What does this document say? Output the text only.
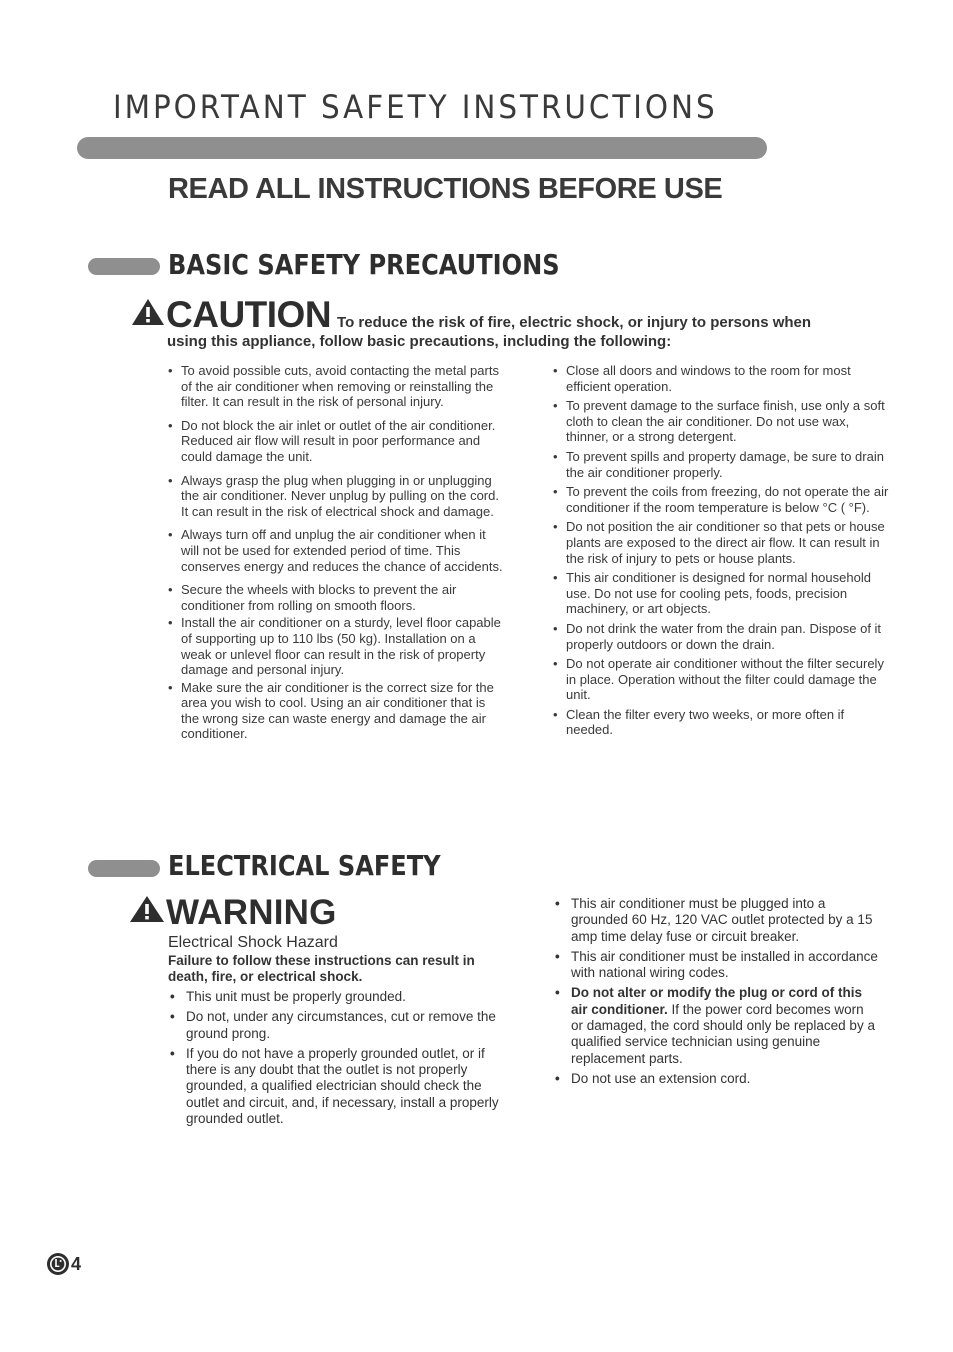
IMPORTANT SAFETY INSTRUCTIONS
READ ALL INSTRUCTIONS BEFORE USE
BASIC SAFETY PRECAUTIONS
CAUTION To reduce the risk of fire, electric shock, or injury to persons when
using this appliance, follow basic precautions, including the following:
• To avoid possible cuts, avoid contacting the metal parts of the air conditioner when removing or reinstalling the filter. It can result in the risk of personal injury.
• Do not block the air inlet or outlet of the air conditioner. Reduced air flow will result in poor performance and could damage the unit.
• Always grasp the plug when plugging in or unplugging the air conditioner. Never unplug by pulling on the cord. It can result in the risk of electrical shock and damage.
• Always turn off and unplug the air conditioner when it will not be used for extended period of time. This conserves energy and reduces the chance of accidents.
• Secure the wheels with blocks to prevent the air conditioner from rolling on smooth floors.
• Install the air conditioner on a sturdy, level floor capable of supporting up to 110 lbs (50 kg). Installation on a weak or unlevel floor can result in the risk of property damage and personal injury.
• Make sure the air conditioner is the correct size for the area you wish to cool. Using an air conditioner that is the wrong size can waste energy and damage the air conditioner.
• Close all doors and windows to the room for most efficient operation.
• To prevent damage to the surface finish, use only a soft cloth to clean the air conditioner. Do not use wax, thinner, or a strong detergent.
• To prevent spills and property damage, be sure to drain the air conditioner properly.
• To prevent the coils from freezing, do not operate the air conditioner if the room temperature is below °C ( °F).
• Do not position the air conditioner so that pets or house plants are exposed to the direct air flow. It can result in the risk of injury to pets or house plants.
• This air conditioner is designed for normal household use. Do not use for cooling pets, foods, precision machinery, or art objects.
• Do not drink the water from the drain pan. Dispose of it properly outdoors or down the drain.
• Do not operate air conditioner without the filter securely in place. Operation without the filter could damage the unit.
• Clean the filter every two weeks, or more often if needed.
ELECTRICAL SAFETY
WARNING
Electrical Shock Hazard
Failure to follow these instructions can result in death, fire, or electrical shock.
• This unit must be properly grounded.
• Do not, under any circumstances, cut or remove the ground prong.
• If you do not have a properly grounded outlet, or if there is any doubt that the outlet is not properly grounded, a qualified electrician should check the outlet and circuit, and, if necessary, install a properly grounded outlet.
• This air conditioner must be plugged into a grounded 60 Hz, 120 VAC outlet protected by a 15 amp time delay fuse or circuit breaker.
• This air conditioner must be installed in accordance with national wiring codes.
• Do not alter or modify the plug or cord of this air conditioner. If the power cord becomes worn or damaged, the cord should only be replaced by a qualified service technician using genuine replacement parts.
• Do not use an extension cord.
4
